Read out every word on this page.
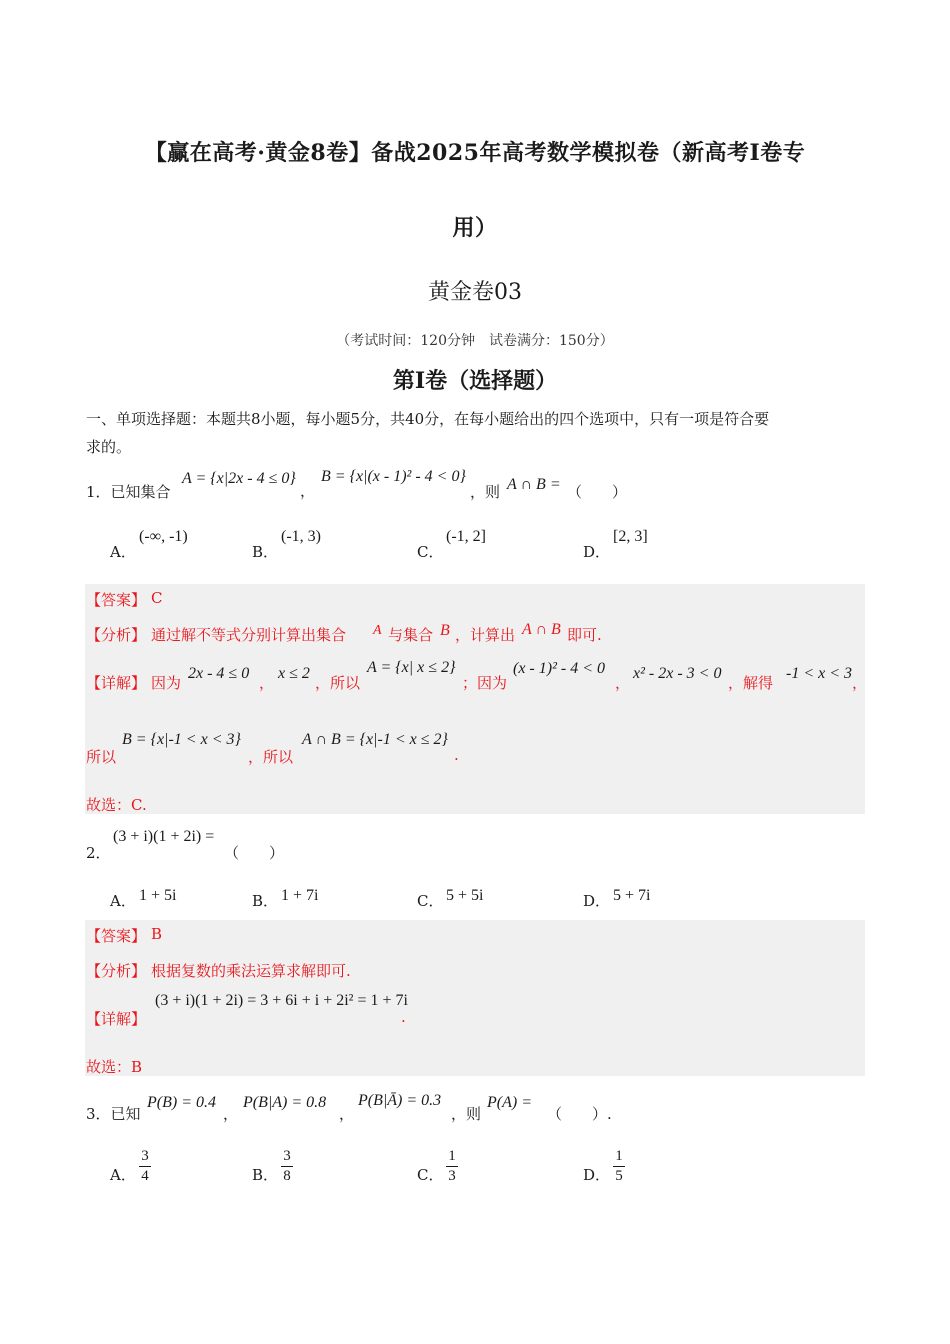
【赢在高考·黄金8卷】备战2025年高考数学模拟卷（新高考Ⅰ卷专
用）
黄金卷03
（考试时间：120分钟　试卷满分：150分）
第I卷（选择题）
一、单项选择题：本题共8小题，每小题5分，共40分，在每小题给出的四个选项中，只有一项是符合要
求的。
1．已知集合
A = {x|2x - 4 ≤ 0}
，
B = {x|(x - 1)² - 4 < 0}
，则 A ∩ B = （　　）
A．
(-∞, -1)
B．
(-1, 3)
C．
(-1, 2]
D．
[2, 3]
【答案】 C
【分析】 通过解不等式分别计算出集合 A 与集合 B ，计算出 A ∩ B 即可.
【详解】 因为
2x - 4 ≤ 0
，
x ≤ 2
，所以
A = {x| x ≤ 2}
；因为
(x - 1)² - 4 < 0
，
x² - 2x - 3 < 0
，解得
-1 < x < 3
，
所以
B = {x|-1 < x < 3}
，所以
A ∩ B = {x|-1 < x ≤ 2}
.
故选：C.
2．
(3 + i)(1 + 2i) =
（　　）
A． 1 + 5i	B． 1 + 7i	C． 5 + 5i	D． 5 + 7i
【答案】 B
【分析】 根据复数的乘法运算求解即可.
【详解】
(3 + i)(1 + 2i) = 3 + 6i + i + 2i² = 1 + 7i
.
故选：B
3．已知
P(B) = 0.4
，
P(B|A) = 0.8
，
P(B|Ā) = 0.3
，则
P(A) =
（　　）.
A．
3
4	B．
3
8	C．
1
3	D．
1
5
